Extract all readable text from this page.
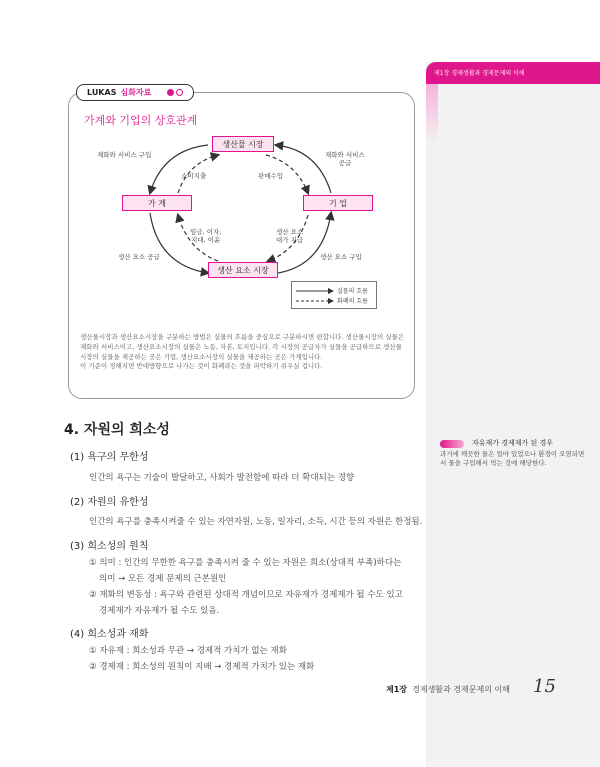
제1장 경제생활과 경제문제의 이해
LUKAS 심화자료
가계와 기업의 상호관계
생산물 시장
가 계	기 업
생산 요소 시장
재화와 서비스 구입	재화와 서비스
공급
소비지출	판매수입
임금, 이자,
지대, 이윤
생산 요소
대가 지급
생산 요소 공급	생산 요소 구입
실물의 흐름
화폐의 흐름

생산물시장과 생산요소시장을 구분하는 방법은 실물의 흐름을 중심으로 구분하시면 편합니다. 생산물시장의 실물은 재화와 서비스이고, 생산요소시장의 실물은 노동, 자본, 토지입니다. 각 시장의 공급자가 실물을 공급하므로 생산물시장의 실물을 제공하는 곳은 기업, 생산요소시장의 실물을 제공하는 곳은 가계입니다.

이 기준이 정해지면 반대방향으로 나가는 것이 화폐라는 것을 파악하기 쉬우실 겁니다.

4. 자원의 희소성
(1) 욕구의 무한성
인간의 욕구는 기술이 발달하고, 사회가 발전함에 따라 더 확대되는 경향
(2) 자원의 유한성
인간의 욕구를 충족시켜줄 수 있는 자연자원, 노동, 일자리, 소득, 시간 등의 자원은 한정됨.
(3) 희소성의 원칙
① 의미 : 인간의 무한한 욕구를 충족시켜 줄 수 있는 자원은 희소(상대적 부족)하다는
의미 → 모든 경제 문제의 근본원인
② 재화의 변동성 : 욕구와 관련된 상대적 개념이므로 자유재가 경제재가 될 수도 있고
경제재가 자유재가 될 수도 있음.
(4) 희소성과 재화
① 자유재 : 희소성과 무관 → 경제적 가치가 없는 재화
② 경제재 : 희소성의 원칙이 지배 → 경제적 가치가 있는 재화
자유재가 경제재가 된 경우
과거에 깨끗한 물은 얼마 있었으나 환경이 오염되면서 물을 구입해서 먹는 것에 해당한다.
제1장 경제생활과 경제문제의 이해 15
